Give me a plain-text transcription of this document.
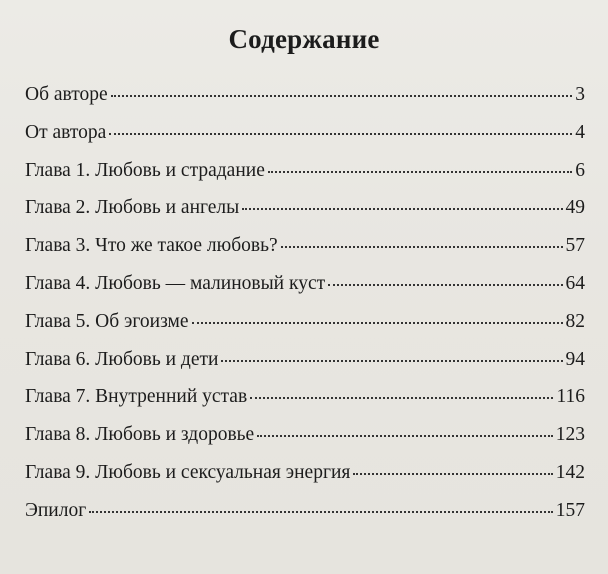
Содержание
Об авторе	3
От автора	4
Глава 1. Любовь и страдание	6
Глава 2. Любовь и ангелы	49
Глава 3. Что же такое любовь?	57
Глава 4. Любовь — малиновый куст	64
Глава 5. Об эгоизме	82
Глава 6. Любовь и дети	94
Глава 7. Внутренний устав	116
Глава 8. Любовь и здоровье	123
Глава 9. Любовь и сексуальная энергия	142
Эпилог	157
